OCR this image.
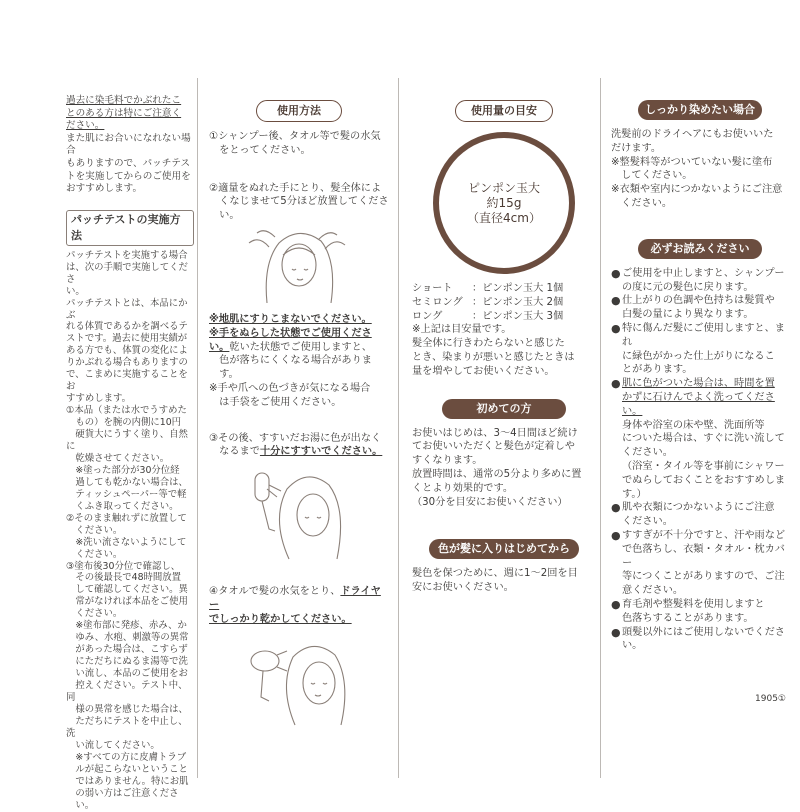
過去に染毛料でかぶれたこ

とのある方は特にご注意く

ださい。

また肌にお合いになれない場合

もありますので、パッチテス

トを実施してからのご使用を

おすすめします。

パッチテストの実施方法

パッチテストを実施する場合

は、次の手順で実施してくださ

い。

パッチテストとは、本品にかぶ

れる体質であるかを調べるテ

ストです。過去に使用実績が

ある方でも、体質の変化によ

りかぶれる場合もありますの

で、こまめに実施することをお

すすめします。

①本品（または水でうすめた

　もの）を腕の内側に10円

　硬貨大にうすく塗り、自然に

　乾燥させてください。

　※塗った部分が30分位経

　過しても乾かない場合は、

　ティッシュペーパー等で軽

　くふき取ってください。

②そのまま触れずに放置して

　ください。

　※洗い流さないようにして

　ください。

③塗布後30分位で確認し、

　その後最長で48時間放置

　して確認してください。異

　常がなければ本品をご使用

　ください。

　※塗布部に発疹、赤み、か

　ゆみ、水疱、刺激等の異常

　があった場合は、こすらず

　にただちにぬるま湯等で洗

　い流し、本品のご使用をお

　控えください。テスト中、同

　様の異常を感じた場合は、

　ただちにテストを中止し、洗

　い流してください。

　※すべての方に皮膚トラブ

　ルが起こらないということ

　ではありません。特にお肌

　の弱い方はご注意くださ

　い。

使用方法

①シャンプー後、タオル等で髪の水気

　をとってください。

②適量をぬれた手にとり、髪全体によ

　くなじませて5分ほど放置してくださ

　い。

※地肌にすりこまないでください。

※手をぬらした状態でご使用くださ

い。乾いた状態でご使用しますと、

　色が落ちにくくなる場合がありま

　す。

※手や爪への色づきが気になる場合

　は手袋をご使用ください。

③その後、すすいだお湯に色が出なく

　なるまで十分にすすいでください。

④タオルで髪の水気をとり、ドライヤー

でしっかり乾かしてください。

使用量の目安
ピンポン玉大
約15g
（直径4cm）
ショート	：ピンポン玉大 1個
セミロング ：ピンポン玉大 2個
ロング	：ピンポン玉大 3個

※上記は目安量です。

髪全体に行きわたらないと感じた

とき、染まりが悪いと感じたときは

量を増やしてお使いください。

初めての方

お使いはじめは、3～4日間ほど続け

てお使いいただくと髪色が定着しや

すくなります。

放置時間は、通常の5分より多めに置

くとより効果的です。

（30分を目安にお使いください）

色が髪に入りはじめてから

髪色を保つために、週に1～2回を目

安にお使いください。

しっかり染めたい場合

洗髪前のドライヘアにもお使いいた

だけます。

※整髪料等がついていない髪に塗布

　してください。

※衣類や室内につかないようにご注意

　ください。

必ずお読みください
● ご使用を中止しますと、シャンプー

の度に元の髪色に戻ります。

● 仕上がりの色調や色持ちは髪質や

白髪の量により異なります。

● 特に傷んだ髪にご使用しますと、まれ

に緑色がかった仕上がりになるこ

とがあります。

● 肌に色がついた場合は、時間を置

かずに石けんでよく洗ってください。

身体や浴室の床や壁、洗面所等

についた場合は、すぐに洗い流して

ください。

（浴室・タイル等を事前にシャワー

でぬらしておくことをおすすめしま

す。）

● 肌や衣類につかないようにご注意

ください。

● すすぎが不十分ですと、汗や雨など

で色落ちし、衣類・タオル・枕カバー

等につくことがありますので、ご注

意ください。

● 育毛剤や整髪料を使用しますと

色落ちすることがあります。

● 頭髪以外にはご使用しないでくださ

い。

1905①
